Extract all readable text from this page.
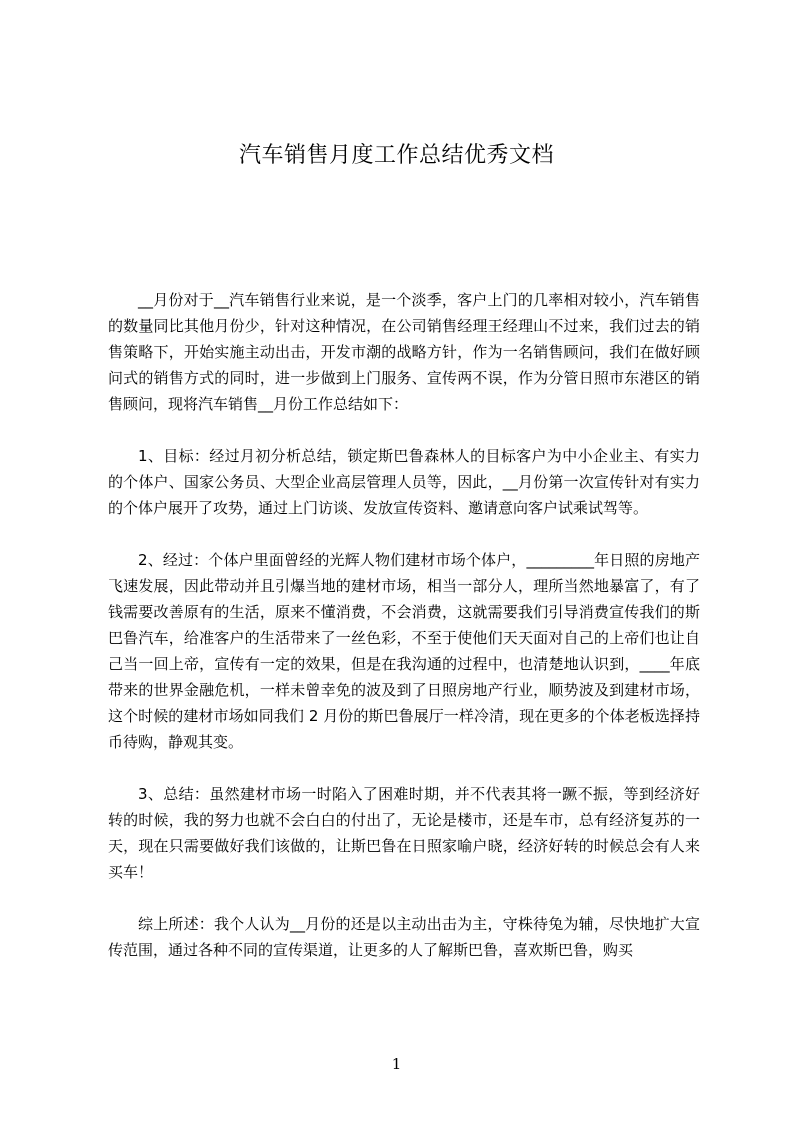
汽车销售月度工作总结优秀文档

__月份对于__汽车销售行业来说，是一个淡季，客户上门的几率相对较小，汽车销售的数量同比其他月份少，针对这种情况，在公司销售经理王经理山不过来，我们过去的销售策略下，开始实施主动出击，开发市潮的战略方针，作为一名销售顾问，我们在做好顾问式的销售方式的同时，进一步做到上门服务、宣传两不误，作为分管日照市东港区的销售顾问，现将汽车销售__月份工作总结如下：

1、目标：经过月初分析总结，锁定斯巴鲁森林人的目标客户为中小企业主、有实力的个体户、国家公务员、大型企业高层管理人员等，因此，__月份第一次宣传针对有实力的个体户展开了攻势，通过上门访谈、发放宣传资料、邀请意向客户试乘试驾等。

2、经过：个体户里面曾经的光辉人物们建材市场个体户，_________年日照的房地产飞速发展，因此带动并且引爆当地的建材市场，相当一部分人，理所当然地暴富了，有了钱需要改善原有的生活，原来不懂消费，不会消费，这就需要我们引导消费宣传我们的斯巴鲁汽车，给准客户的生活带来了一丝色彩，不至于使他们天天面对自己的上帝们也让自己当一回上帝，宣传有一定的效果，但是在我沟通的过程中，也清楚地认识到，____年底带来的世界金融危机，一样未曾幸免的波及到了日照房地产行业，顺势波及到建材市场，这个时候的建材市场如同我们 2 月份的斯巴鲁展厅一样冷清，现在更多的个体老板选择持币待购，静观其变。

3、总结：虽然建材市场一时陷入了困难时期，并不代表其将一蹶不振，等到经济好转的时候，我的努力也就不会白白的付出了，无论是楼市，还是车市，总有经济复苏的一天，现在只需要做好我们该做的，让斯巴鲁在日照家喻户晓，经济好转的时候总会有人来买车！

综上所述：我个人认为__月份的还是以主动出击为主，守株待兔为辅，尽快地扩大宣传范围，通过各种不同的宣传渠道，让更多的人了解斯巴鲁，喜欢斯巴鲁，购买

1
